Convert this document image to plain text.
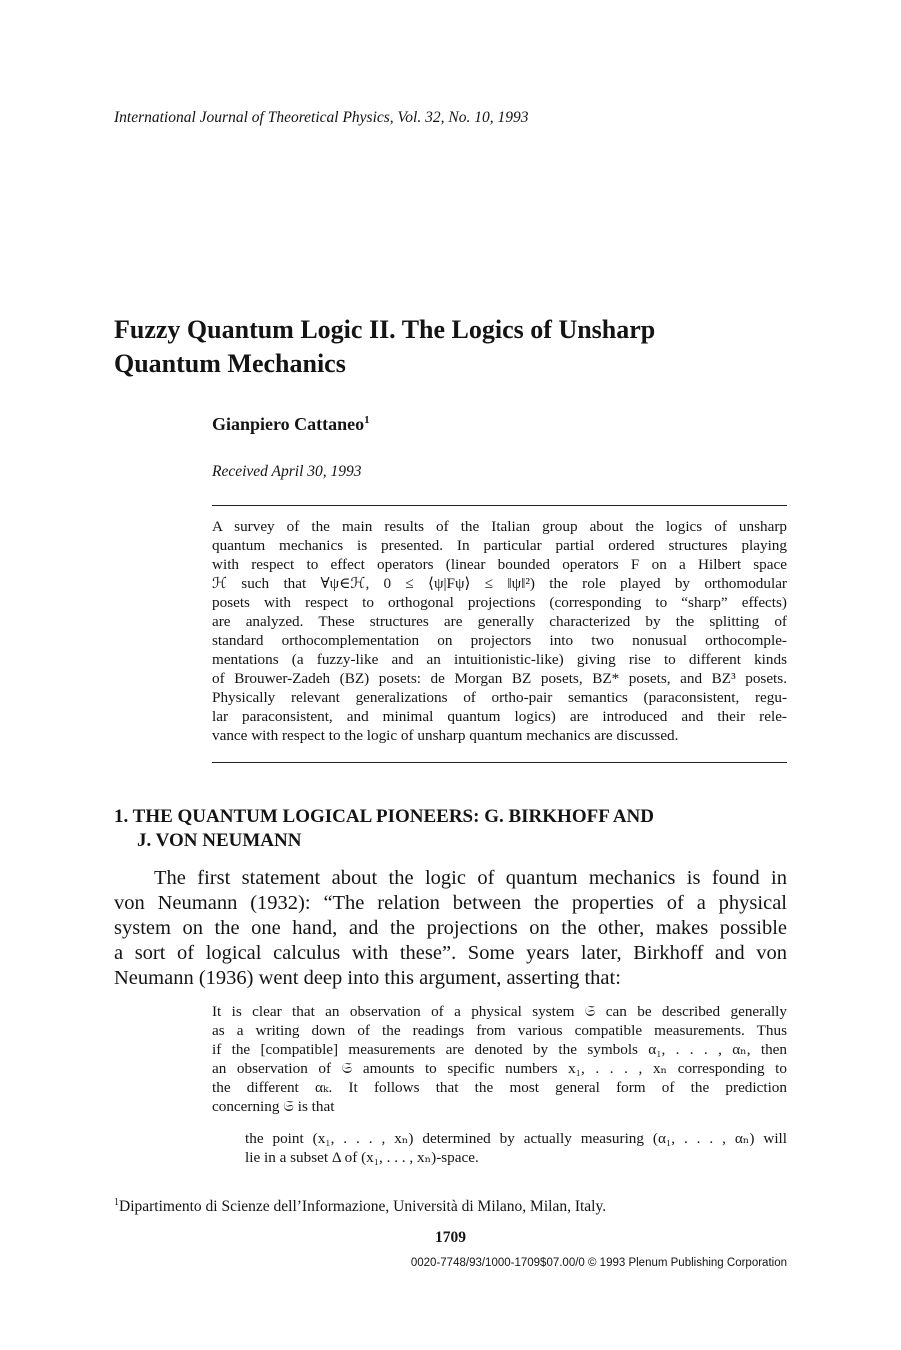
International Journal of Theoretical Physics, Vol. 32, No. 10, 1993
Fuzzy Quantum Logic II. The Logics of Unsharp
Quantum Mechanics
Gianpiero Cattaneo$^1$
Received April 30, 1993
A survey of the main results of the Italian group about the logics of unsharp
quantum mechanics is presented. In particular partial ordered structures playing
with respect to effect operators (linear bounded operators F on a Hilbert space
ℋ such that ∀ψ∈ℋ, 0 ≤ ⟨ψ|Fψ⟩ ≤ ‖ψ‖²) the role played by orthomodular
posets with respect to orthogonal projections (corresponding to “sharp” effects)
are analyzed. These structures are generally characterized by the splitting of
standard orthocomplementation on projectors into two nonusual orthocomple-
mentations (a fuzzy-like and an intuitionistic-like) giving rise to different kinds
of Brouwer-Zadeh (BZ) posets: de Morgan BZ posets, BZ* posets, and BZ³ posets.
Physically relevant generalizations of ortho-pair semantics (paraconsistent, regu-
lar paraconsistent, and minimal quantum logics) are introduced and their rele-
vance with respect to the logic of unsharp quantum mechanics are discussed.
1. THE QUANTUM LOGICAL PIONEERS: G. BIRKHOFF AND
J. VON NEUMANN
The first statement about the logic of quantum mechanics is found in
von Neumann (1932): “The relation between the properties of a physical
system on the one hand, and the projections on the other, makes possible
a sort of logical calculus with these”. Some years later, Birkhoff and von
Neumann (1936) went deep into this argument, asserting that:
It is clear that an observation of a physical system 𝔖 can be described generally
as a writing down of the readings from various compatible measurements. Thus
if the [compatible] measurements are denoted by the symbols α₁, . . . , αₙ, then
an observation of 𝔖 amounts to specific numbers x₁, . . . , xₙ corresponding to
the different αₖ. It follows that the most general form of the prediction
concerning 𝔖 is that
the point (x₁, . . . , xₙ) determined by actually measuring (α₁, . . . , αₙ) will
lie in a subset Δ of (x₁, . . . , xₙ)-space.
$^1$Dipartimento di Scienze dell’Informazione, Università di Milano, Milan, Italy.
1709
0020-7748/93/1000-1709$07.00/0 © 1993 Plenum Publishing Corporation
